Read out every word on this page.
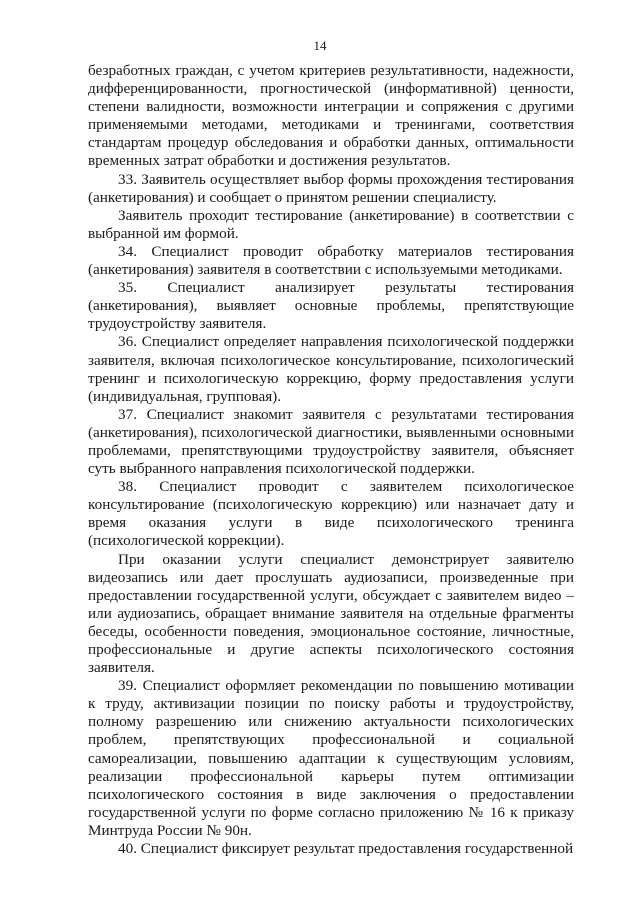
14

безработных граждан, с учетом критериев результативности, надежности, дифференцированности, прогностической (информативной) ценности, степени валидности, возможности интеграции и сопряжения с другими применяемыми методами, методиками и тренингами, соответствия стандартам процедур обследования и обработки данных, оптимальности временных затрат обработки и достижения результатов.

33. Заявитель осуществляет выбор формы прохождения тестирования (анкетирования) и сообщает о принятом решении специалисту.

Заявитель проходит тестирование (анкетирование) в соответствии с выбранной им формой.

34. Специалист проводит обработку материалов тестирования (анкетирования) заявителя в соответствии с используемыми методиками.

35. Специалист анализирует результаты тестирования (анкетирования), выявляет основные проблемы, препятствующие трудоустройству заявителя.

36. Специалист определяет направления психологической поддержки заявителя, включая психологическое консультирование, психологический тренинг и психологическую коррекцию, форму предоставления услуги (индивидуальная, групповая).

37. Специалист знакомит заявителя с результатами тестирования (анкетирования), психологической диагностики, выявленными основными проблемами, препятствующими трудоустройству заявителя, объясняет суть выбранного направления психологической поддержки.

38. Специалист проводит с заявителем психологическое консультирование (психологическую коррекцию) или назначает дату и время оказания услуги в виде психологического тренинга (психологической коррекции).

При оказании услуги специалист демонстрирует заявителю видеозапись или дает прослушать аудиозаписи, произведенные при предоставлении государственной услуги, обсуждает с заявителем видео – или аудиозапись, обращает внимание заявителя на отдельные фрагменты беседы, особенности поведения, эмоциональное состояние, личностные, профессиональные и другие аспекты психологического состояния заявителя.

39. Специалист оформляет рекомендации по повышению мотивации к труду, активизации позиции по поиску работы и трудоустройству, полному разрешению или снижению актуальности психологических проблем, препятствующих профессиональной и социальной самореализации, повышению адаптации к существующим условиям, реализации профессиональной карьеры путем оптимизации психологического состояния в виде заключения о предоставлении государственной услуги по форме согласно приложению № 16 к приказу Минтруда России № 90н.

40. Специалист фиксирует результат предоставления государственной
